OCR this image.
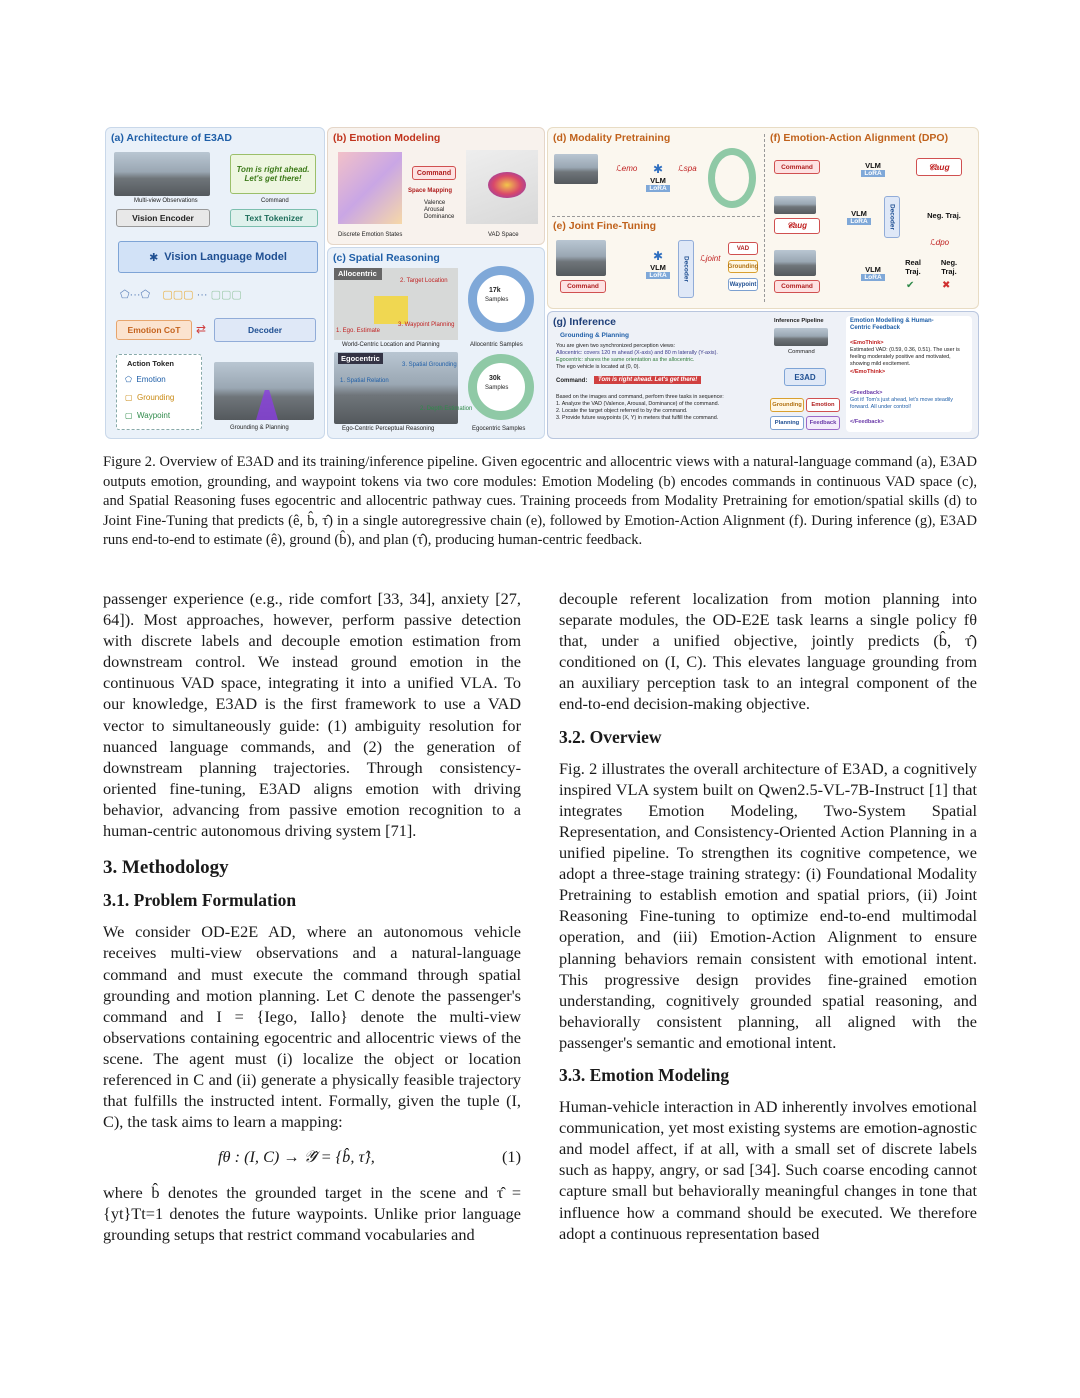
(a) Architecture of E3AD
Multi-view Observations
Tom is right ahead. Let's get there!
Command
Vision Encoder	Text Tokenizer
✱ Vision Language Model
⬠···⬠    ▢▢▢ ··· ▢▢▢
Emotion CoT	⇄	Decoder
Action Token
⬠  Emotion
▢  Grounding
▢  Waypoint
Grounding & Planning
(b) Emotion Modeling
Command
Space Mapping
Valence
Arousal
Dominance
Discrete Emotion States	VAD Space
(c) Spatial Reasoning
Allocentric
2. Target Location
1. Ego. Estimate
3. Waypoint Planning
World-Centric Location and Planning
17k
Samples
Allocentric Samples
Egocentric
3. Spatial Grounding
1. Spatial Relation
2. Depth Estimation
Ego-Centric Perceptual Reasoning
30k
Samples
Egocentric Samples
(d) Modality Pretraining
ℒemo ✱
VLM
LoRA
ℒspa
(e) Joint Fine-Tuning
Command
✱
VLM
LoRA	Decoder ℒjoint
VAD
Grounding
Waypoint
(f) Emotion-Action Alignment (DPO)
Command	VLM
LoRA
𝒞aug
𝒞aug
VLM
LoRA	Decoder	Neg. Traj.
ℒdpo
Command
VLM
LoRA
Real Traj.
✔
Neg. Traj.
✖
(g) Inference
Grounding & Planning
You are given two synchronized perception views:
Allocentric: covers 120 m ahead (X-axis) and 80 m laterally (Y-axis).
Egocentric: shares the same orientation as the allocentric.
The ego vehicle is located at (0, 0).
Command:	Tom is right ahead. Let's get there!
Based on the images and command, perform three tasks in sequence:
1. Analyze the VAD (Valence, Arousal, Dominance) of the command.
2. Locate the target object referred to by the command.
3. Provide future waypoints (X, Y) in meters that fulfill the command.
Inference Pipeline
Command
E3AD
Grounding	Emotion
Planning	Feedback
Emotion Modelling & Human-Centric Feedback
<EmoThink>
Estimated VAD: (0.59, 0.36, 0.51). The user is feeling moderately positive and motivated, showing mild excitement.
</EmoThink>
<Feedback>
Got it! Tom's just ahead, let's move steadily forward. All under control!
</Feedback>
Figure 2. Overview of E3AD and its training/inference pipeline. Given egocentric and allocentric views with a natural-language command (a), E3AD outputs emotion, grounding, and waypoint tokens via two core modules: Emotion Modeling (b) encodes commands in continuous VAD space (c), and Spatial Reasoning fuses egocentric and allocentric pathway cues. Training proceeds from Modality Pretraining for emotion/spatial skills (d) to Joint Fine-Tuning that predicts (ê, b̂, τ̂) in a single autoregressive chain (e), followed by Emotion-Action Alignment (f). During inference (g), E3AD runs end-to-end to estimate (ê), ground (b̂), and plan (τ̂), producing human-centric feedback.

passenger experience (e.g., ride comfort [33, 34], anxiety [27, 64]). Most approaches, however, perform passive detection with discrete labels and decouple emotion estimation from downstream control. We instead ground emotion in the continuous VAD space, integrating it into a unified VLA. To our knowledge, E3AD is the first framework to use a VAD vector to simultaneously guide: (1) ambiguity resolution for nuanced language commands, and (2) the generation of downstream planning trajectories. Through consistency-oriented fine-tuning, E3AD aligns emotion with driving behavior, advancing from passive emotion recognition to a human-centric autonomous driving system [71].

3. Methodology
3.1. Problem Formulation

We consider OD-E2E AD, where an autonomous vehicle receives multi-view observations and a natural-language command and must execute the command through spatial grounding and motion planning. Let C denote the passenger's command and I = {Iego, Iallo} denote the multi-view observations containing egocentric and allocentric views of the scene. The agent must (i) localize the object or location referenced in C and (ii) generate a physically feasible trajectory that fulfills the instructed intent. Formally, given the tuple (I, C), the task aims to learn a mapping:

fθ : (I, C) → 𝒴̂ = {b̂, τ̂},	(1)

where b̂ denotes the grounded target in the scene and τ̂ = {yt}Tt=1 denotes the future waypoints. Unlike prior language grounding setups that restrict command vocabularies and

decouple referent localization from motion planning into separate modules, the OD-E2E task learns a single policy fθ that, under a unified objective, jointly predicts (b̂, τ̂) conditioned on (I, C). This elevates language grounding from an auxiliary perception task to an integral component of the end-to-end decision-making objective.

3.2. Overview

Fig. 2 illustrates the overall architecture of E3AD, a cognitively inspired VLA system built on Qwen2.5-VL-7B-Instruct [1] that integrates Emotion Modeling, Two-System Spatial Representation, and Consistency-Oriented Action Planning in a unified pipeline. To strengthen its cognitive competence, we adopt a three-stage training strategy: (i) Foundational Modality Pretraining to establish emotion and spatial priors, (ii) Joint Reasoning Fine-tuning to optimize end-to-end multimodal operation, and (iii) Emotion-Action Alignment to ensure planning behaviors remain consistent with emotional intent. This progressive design provides fine-grained emotion understanding, cognitively grounded spatial reasoning, and behaviorally consistent planning, all aligned with the passenger's semantic and emotional intent.

3.3. Emotion Modeling

Human-vehicle interaction in AD inherently involves emotional communication, yet most existing systems are emotion-agnostic and model affect, if at all, with a small set of discrete labels such as happy, angry, or sad [34]. Such coarse encoding cannot capture small but behaviorally meaningful changes in tone that influence how a command should be executed. We therefore adopt a continuous representation based
